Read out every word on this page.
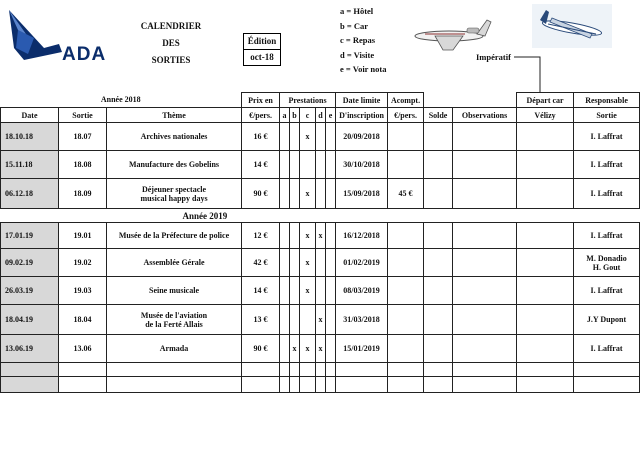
ADA
CALENDRIER
DES
SORTIES
Édition
oct-18
a = Hôtel
b = Car
c = Repas
d = Visite
e = Voir nota
Impératif
Année 2018			Prix en	Prestations					Date limite	Acompt.			Départ car	Responsable
Date	Sortie	Thème	€/pers.	a	b	c	d	e	D'inscription	€/pers.	Solde	Observations	Vélizy	Sortie
18.10.18	18.07	Archives nationales	16 €			x			20/09/2018					I. Laffrat

15.11.18	18.08	Manufacture des Gobelins	14 €						30/10/2018					I. Laffrat

06.12.18	18.09	Déjeuner spectacle
musical happy days	90 €			x			15/09/2018	45 €				I. Laffrat

		Année 2019												
17.01.19	19.01	Musée de la Préfecture de police	12 €			x	x		16/12/2018					I. Laffrat

09.02.19	19.02	Assemblée Gérale	42 €			x			01/02/2019					M. Donadio
H. Gout

26.03.19	19.03	Seine musicale	14 €			x			08/03/2019					I. Laffrat

18.04.19	18.04	Musée de l'aviation
de la Ferté Allais	13 €				x		31/03/2018					J.Y Dupont

13.06.19	13.06	Armada	90 €		x	x	x		15/01/2019					I. Laffrat
